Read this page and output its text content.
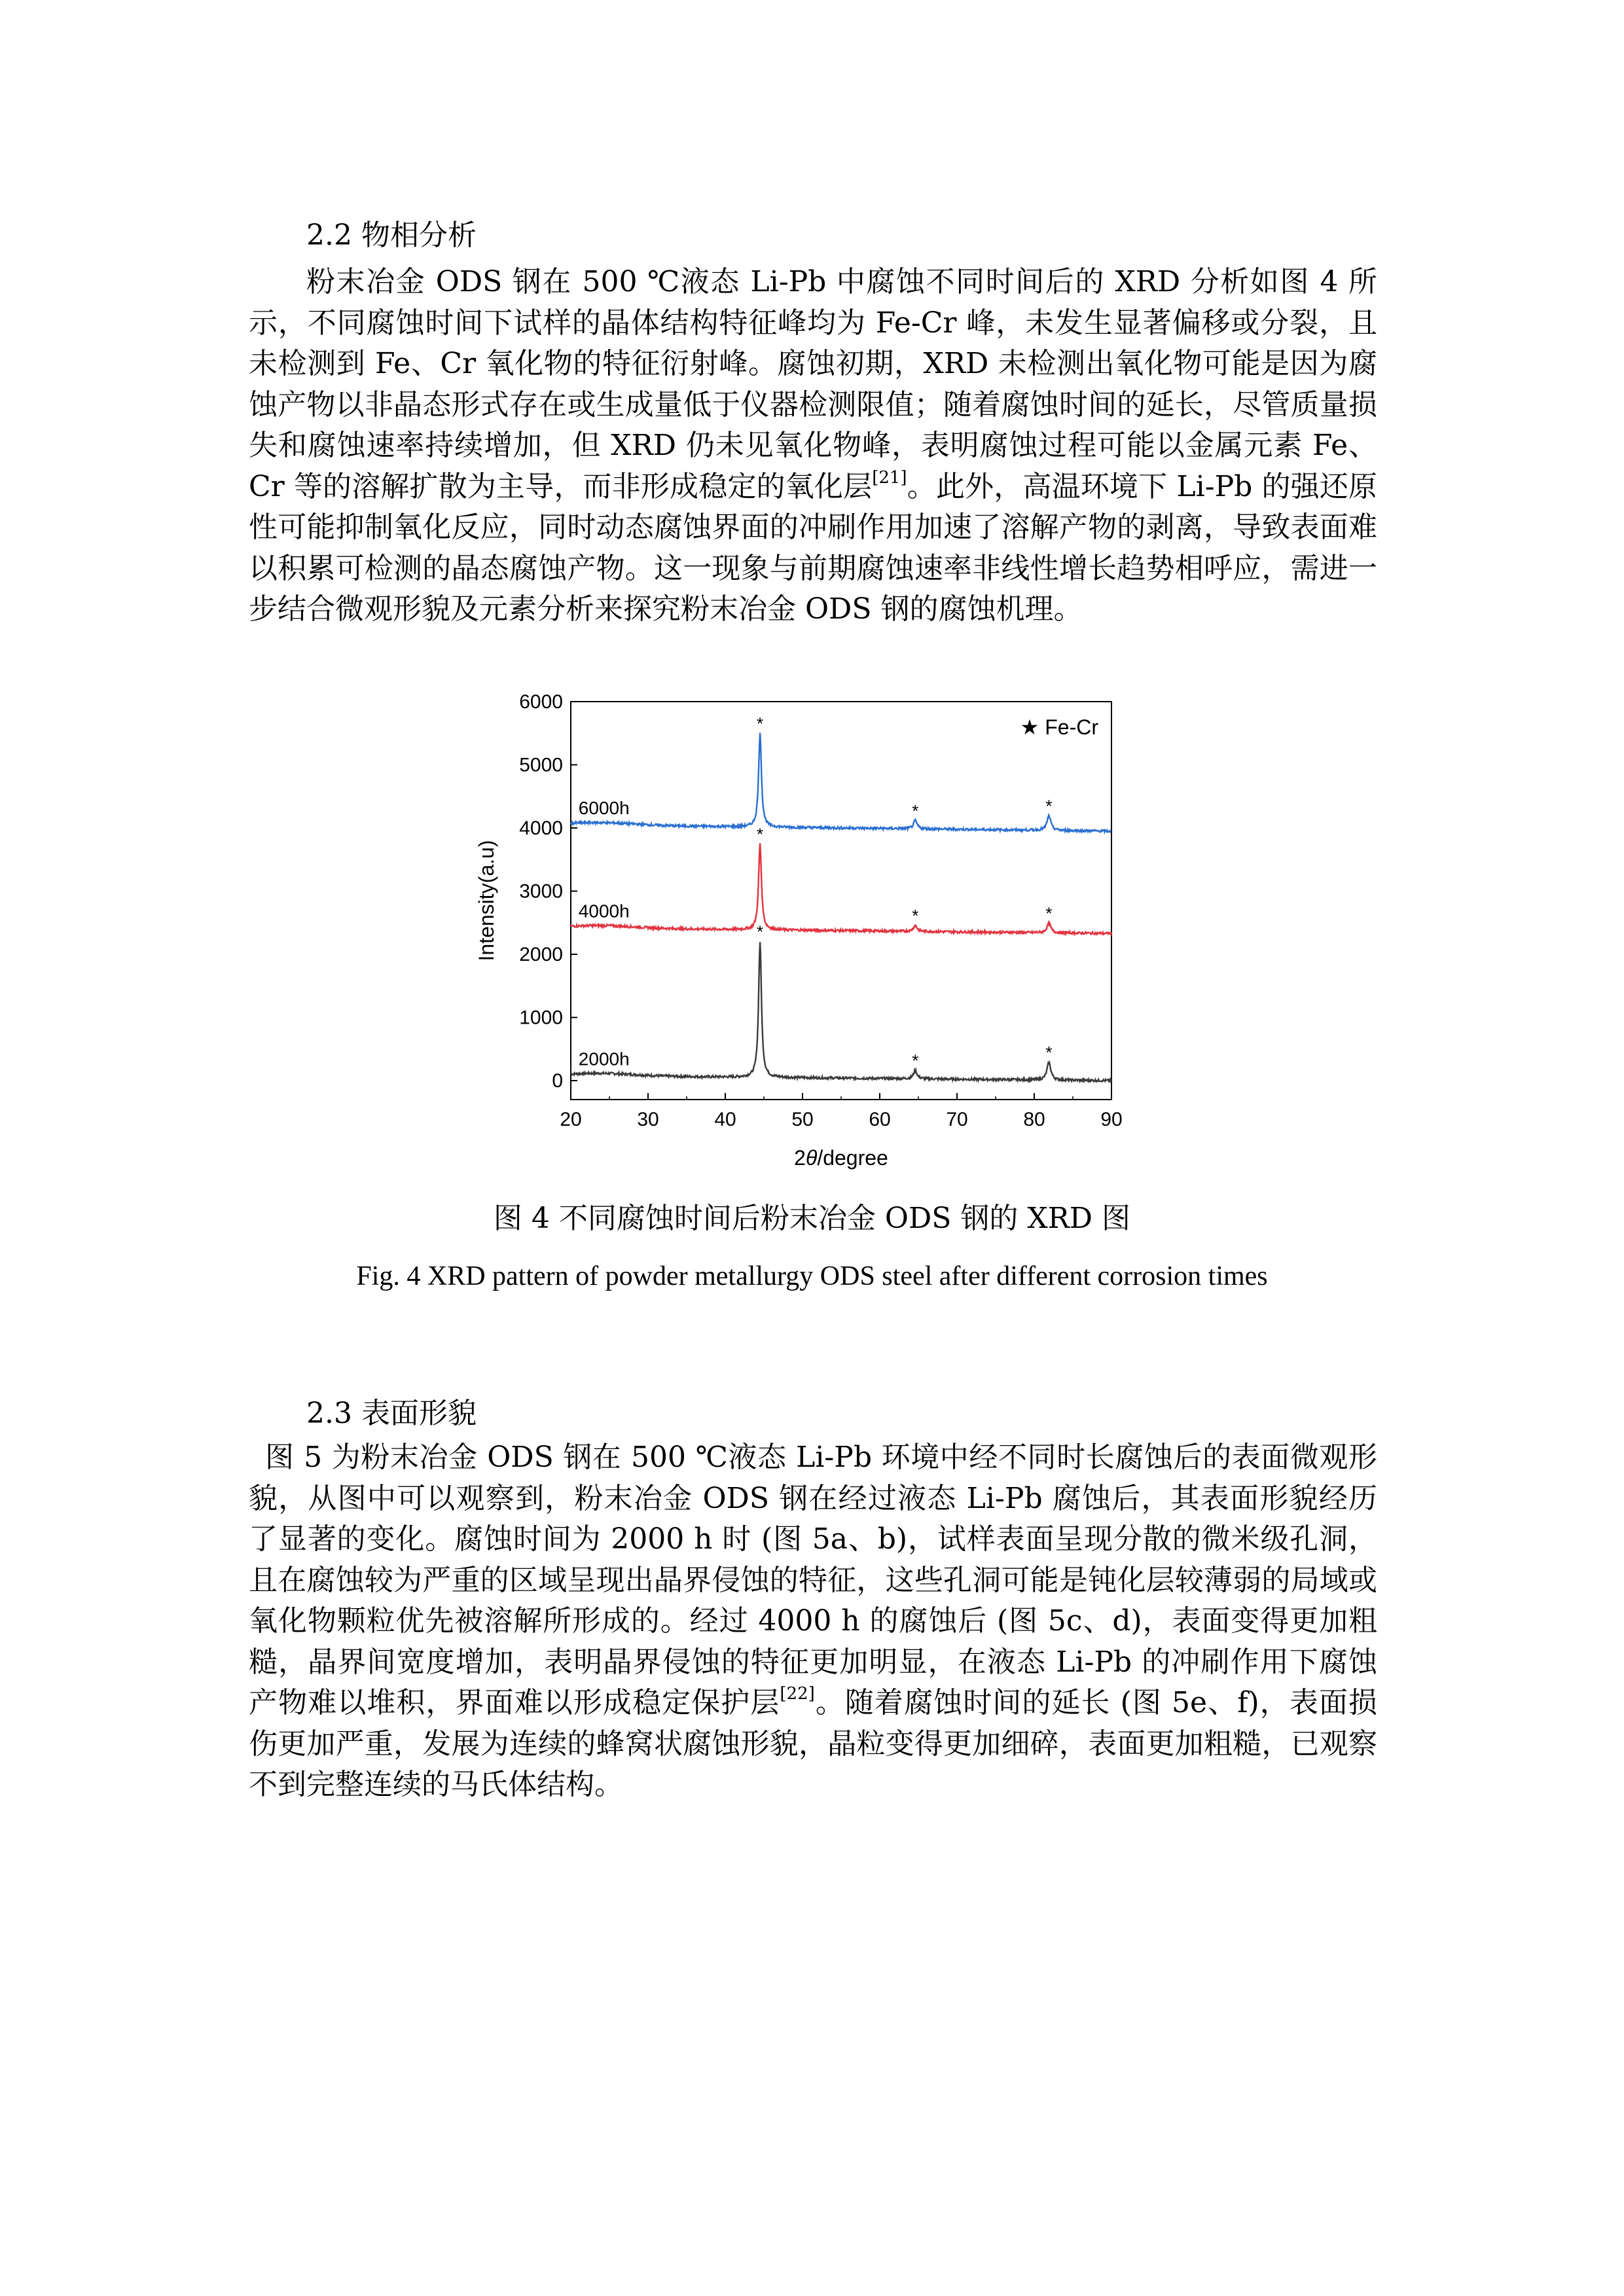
2.2 物相分析

粉末冶金 ODS 钢在 500 ℃液态 Li-Pb 中腐蚀不同时间后的 XRD 分析如图 4 所示，不同腐蚀时间下试样的晶体结构特征峰均为 Fe-Cr 峰，未发生显著偏移或分裂，且未检测到 Fe、Cr 氧化物的特征衍射峰。腐蚀初期，XRD 未检测出氧化物可能是因为腐蚀产物以非晶态形式存在或生成量低于仪器检测限值；随着腐蚀时间的延长，尽管质量损失和腐蚀速率持续增加，但 XRD 仍未见氧化物峰，表明腐蚀过程可能以金属元素 Fe、Cr 等的溶解扩散为主导，而非形成稳定的氧化层[21]。此外，高温环境下 Li-Pb 的强还原性可能抑制氧化反应，同时动态腐蚀界面的冲刷作用加速了溶解产物的剥离，导致表面难以积累可检测的晶态腐蚀产物。这一现象与前期腐蚀速率非线性增长趋势相呼应，需进一步结合微观形貌及元素分析来探究粉末冶金 ODS 钢的腐蚀机理。

20	30	40	50	60	70	80	90
0
1000
2000
3000
4000
5000
6000
2θ/degree
Intensity(a.u)
★ Fe-Cr
2000h
*
*	*
4000h
*
*	*
6000h
*
*	*
图 4 不同腐蚀时间后粉末冶金 ODS 钢的 XRD 图
Fig. 4 XRD pattern of powder metallurgy ODS steel after different corrosion times
2.3 表面形貌

图 5 为粉末冶金 ODS 钢在 500 ℃液态 Li-Pb 环境中经不同时长腐蚀后的表面微观形貌，从图中可以观察到，粉末冶金 ODS 钢在经过液态 Li-Pb 腐蚀后，其表面形貌经历了显著的变化。腐蚀时间为 2000 h 时 (图 5a、b)，试样表面呈现分散的微米级孔洞，且在腐蚀较为严重的区域呈现出晶界侵蚀的特征，这些孔洞可能是钝化层较薄弱的局域或氧化物颗粒优先被溶解所形成的。经过 4000 h 的腐蚀后 (图 5c、d)，表面变得更加粗糙，晶界间宽度增加，表明晶界侵蚀的特征更加明显，在液态 Li-Pb 的冲刷作用下腐蚀产物难以堆积，界面难以形成稳定保护层[22]。随着腐蚀时间的延长 (图 5e、f)，表面损伤更加严重，发展为连续的蜂窝状腐蚀形貌，晶粒变得更加细碎，表面更加粗糙，已观察不到完整连续的马氏体结构。
